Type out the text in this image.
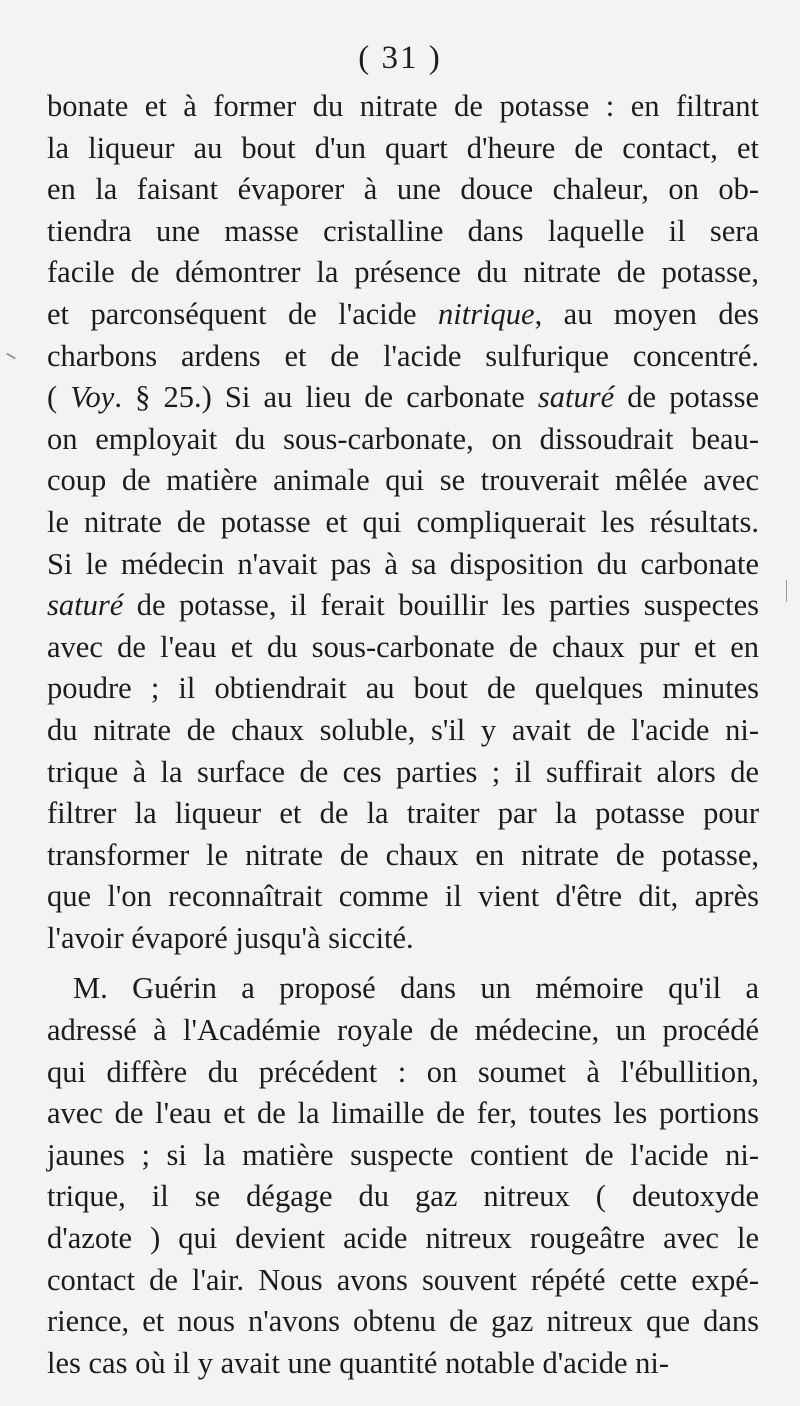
( 31 )
bonate et à former du nitrate de potasse : en filtrant
la liqueur au bout d'un quart d'heure de contact, et
en la faisant évaporer à une douce chaleur, on ob-
tiendra une masse cristalline dans laquelle il sera
facile de démontrer la présence du nitrate de potasse,
et parconséquent de l'acide nitrique, au moyen des
charbons ardens et de l'acide sulfurique concentré.
( Voy. § 25.) Si au lieu de carbonate saturé de potasse
on employait du sous-carbonate, on dissoudrait beau-
coup de matière animale qui se trouverait mêlée avec
le nitrate de potasse et qui compliquerait les résultats.
Si le médecin n'avait pas à sa disposition du carbonate
saturé de potasse, il ferait bouillir les parties suspectes
avec de l'eau et du sous-carbonate de chaux pur et en
poudre ; il obtiendrait au bout de quelques minutes
du nitrate de chaux soluble, s'il y avait de l'acide ni-
trique à la surface de ces parties ; il suffirait alors de
filtrer la liqueur et de la traiter par la potasse pour
transformer le nitrate de chaux en nitrate de potasse,
que l'on reconnaîtrait comme il vient d'être dit, après
l'avoir évaporé jusqu'à siccité.
M. Guérin a proposé dans un mémoire qu'il a
adressé à l'Académie royale de médecine, un procédé
qui diffère du précédent : on soumet à l'ébullition,
avec de l'eau et de la limaille de fer, toutes les portions
jaunes ; si la matière suspecte contient de l'acide ni-
trique, il se dégage du gaz nitreux ( deutoxyde
d'azote ) qui devient acide nitreux rougeâtre avec le
contact de l'air. Nous avons souvent répété cette expé-
rience, et nous n'avons obtenu de gaz nitreux que dans
les cas où il y avait une quantité notable d'acide ni-
